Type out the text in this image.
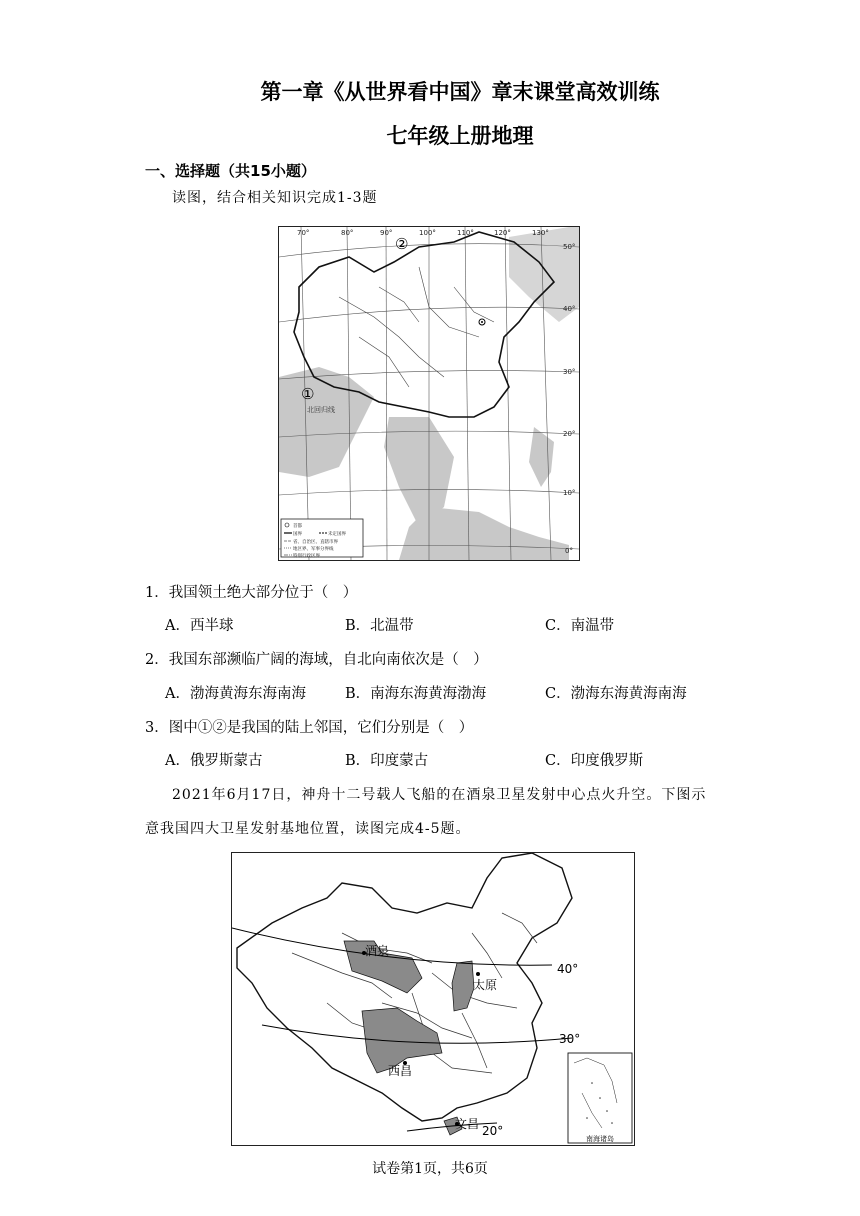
第一章《从世界看中国》章末课堂高效训练
七年级上册地理
一、选择题（共15小题）
读图，结合相关知识完成1-3题
70°	80°	90°	100°	110°	120°	130°
50°
40°
30°
20°
10°
0°
②
①
北回归线
首都
国界	未定国界
省、自治区、直辖市界
地区界、军事分界线
特别行政区界
1．我国领土绝大部分位于（　）
A．西半球	B．北温带	C．南温带
2．我国东部濒临广阔的海域，自北向南依次是（　）
A．渤海黄海东海南海	B．南海东海黄海渤海	C．渤海东海黄海南海
3．图中①②是我国的陆上邻国，它们分别是（　）
A．俄罗斯蒙古	B．印度蒙古	C．印度俄罗斯
2021年6月17日，神舟十二号载人飞船的在酒泉卫星发射中心点火升空。下图示
意我国四大卫星发射基地位置，读图完成4-5题。
酒泉
太原
西昌
文昌
40°
30°
20°
南海诸岛
试卷第1页，共6页
